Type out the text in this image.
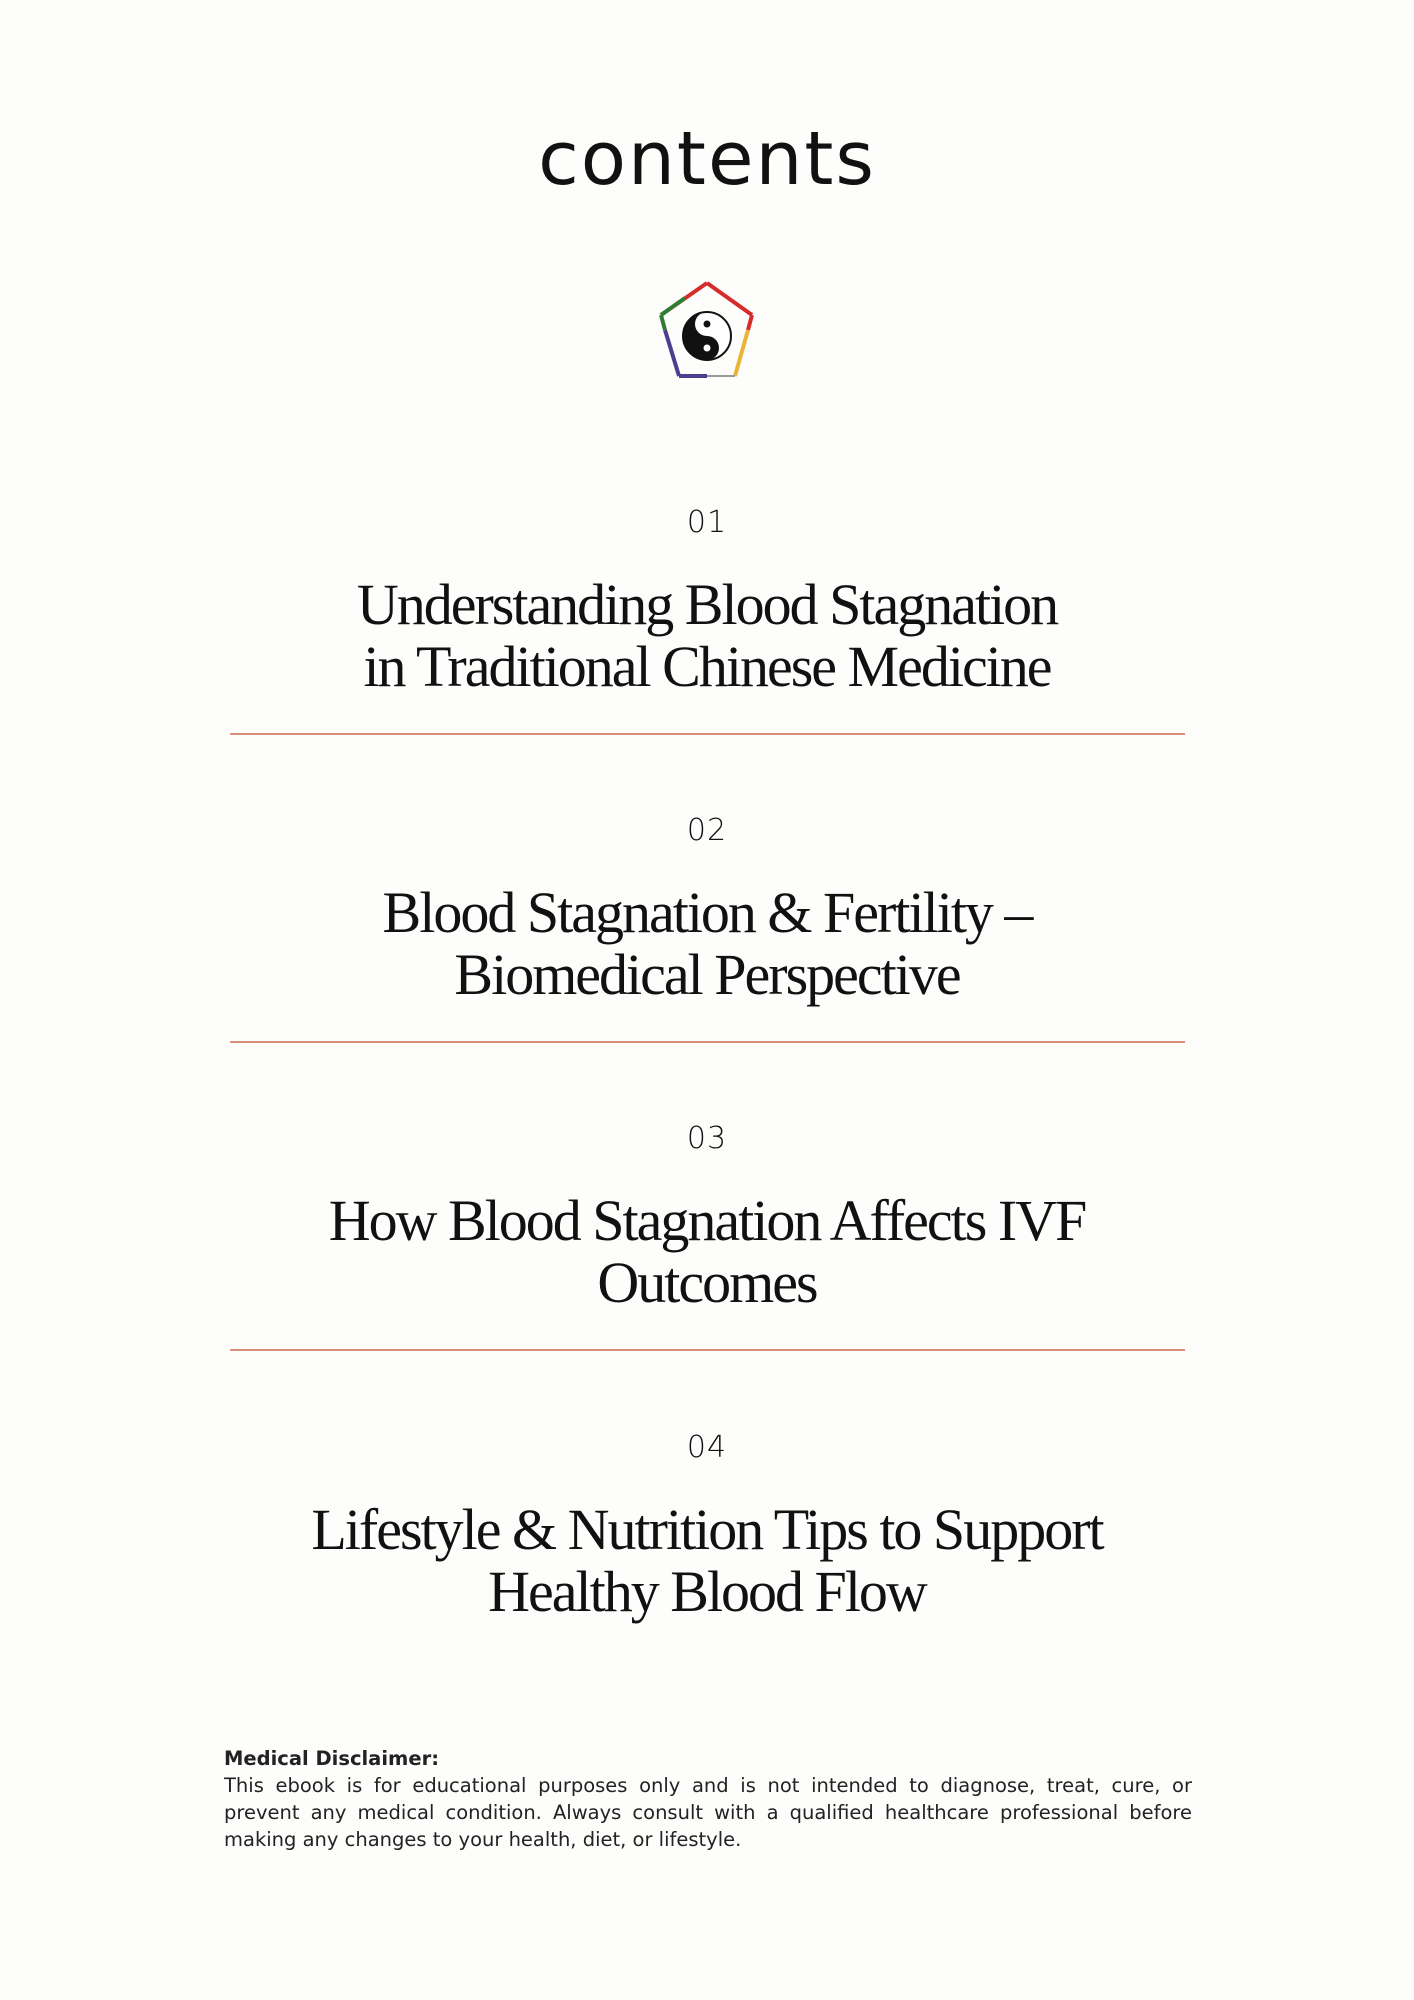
contents
01
Understanding Blood Stagnation
in Traditional Chinese Medicine
02
Blood Stagnation & Fertility –
Biomedical Perspective
03
How Blood Stagnation Affects IVF
Outcomes
04
Lifestyle & Nutrition Tips to Support
Healthy Blood Flow
Medical Disclaimer:
This ebook is for educational purposes only and is not intended to diagnose, treat, cure, or prevent any medical condition. Always consult with a qualified healthcare professional before making any changes to your health, diet, or lifestyle.
